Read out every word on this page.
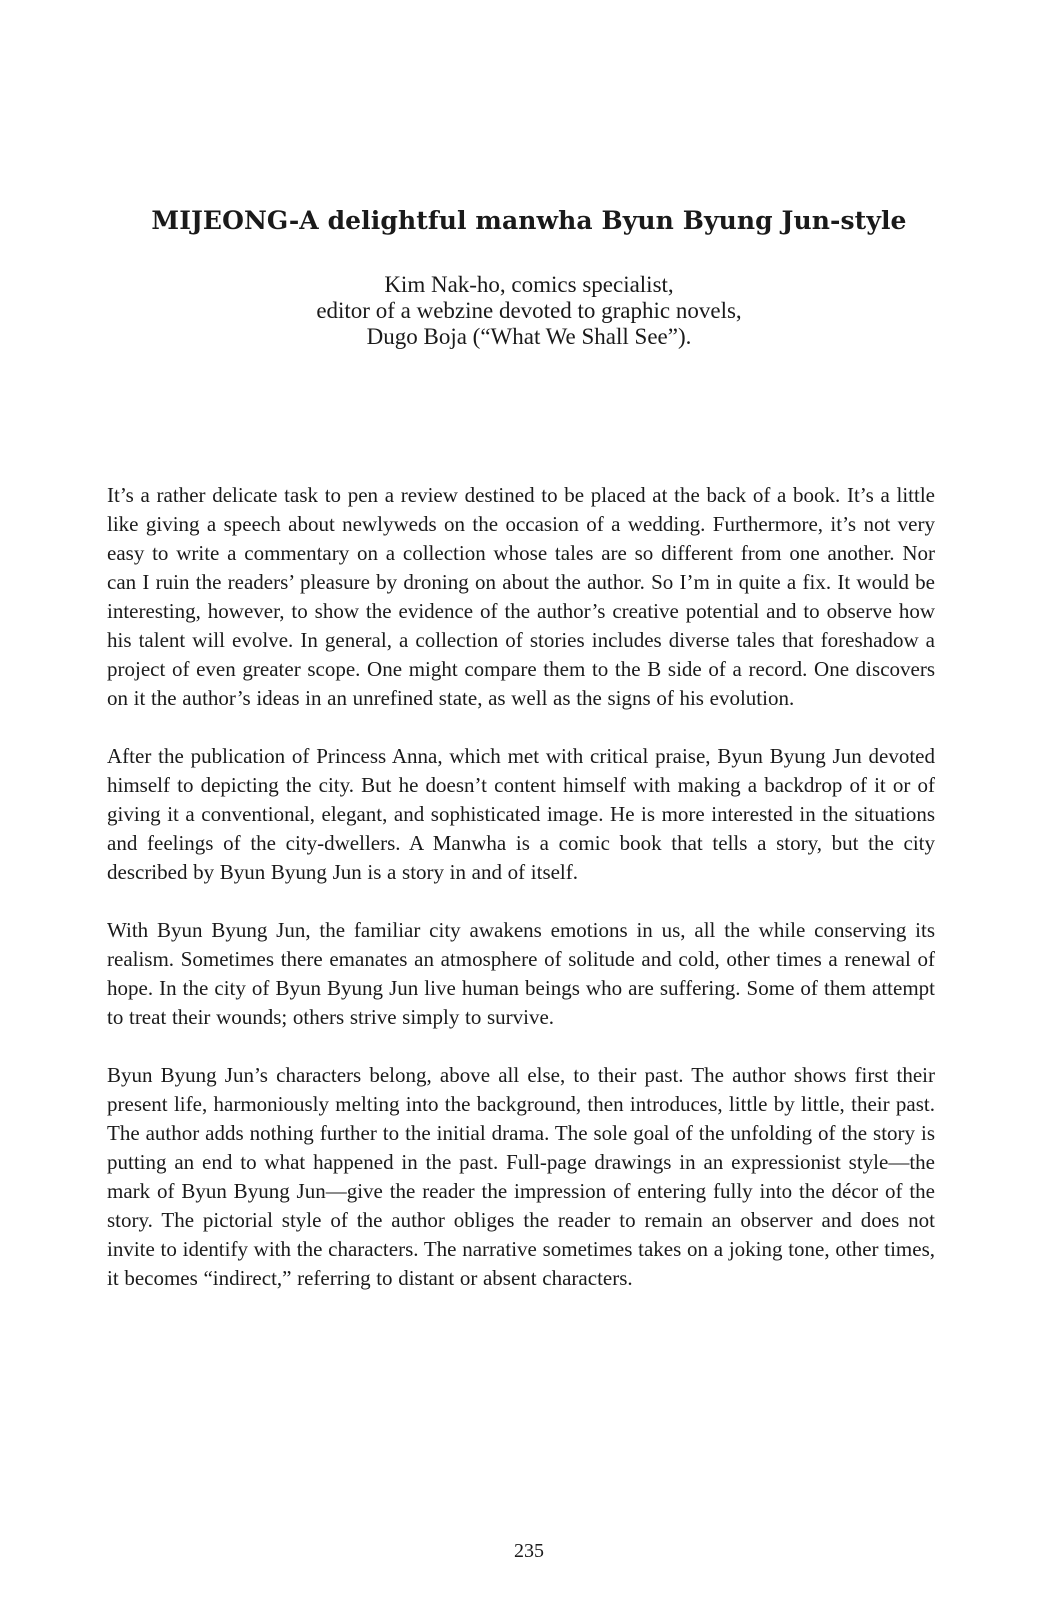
MIJEONG-A delightful manwha Byun Byung Jun-style
Kim Nak-ho, comics specialist,
editor of a webzine devoted to graphic novels,
Dugo Boja (“What We Shall See”).

It’s a rather delicate task to pen a review destined to be placed at the back of a book. It’s a little like giving a speech about newlyweds on the occasion of a wedding. Furthermore, it’s not very easy to write a commentary on a collection whose tales are so different from one another. Nor can I ruin the readers’ pleasure by droning on about the author. So I’m in quite a fix. It would be interesting, however, to show the evidence of the author’s creative potential and to observe how his talent will evolve. In general, a collection of stories includes diverse tales that foreshadow a project of even greater scope. One might compare them to the B side of a record. One discovers on it the author’s ideas in an unrefined state, as well as the signs of his evolution.

After the publication of Princess Anna, which met with critical praise, Byun Byung Jun devoted himself to depicting the city. But he doesn’t content himself with making a backdrop of it or of giving it a conventional, elegant, and sophisticated image. He is more interested in the situations and feelings of the city-dwellers. A Manwha is a comic book that tells a story, but the city described by Byun Byung Jun is a story in and of itself.

With Byun Byung Jun, the familiar city awakens emotions in us, all the while conserving its realism. Sometimes there emanates an atmosphere of solitude and cold, other times a renewal of hope. In the city of Byun Byung Jun live human beings who are suffering. Some of them attempt to treat their wounds; others strive simply to survive.

Byun Byung Jun’s characters belong, above all else, to their past. The author shows first their present life, harmoniously melting into the background, then introduces, little by little, their past. The author adds nothing further to the initial drama. The sole goal of the unfolding of the story is putting an end to what happened in the past. Full-page drawings in an expressionist style—the mark of Byun Byung Jun—give the reader the impression of entering fully into the décor of the story. The pictorial style of the author obliges the reader to remain an observer and does not invite to identify with the characters. The narrative sometimes takes on a joking tone, other times, it becomes “indirect,” referring to distant or absent characters.

235
